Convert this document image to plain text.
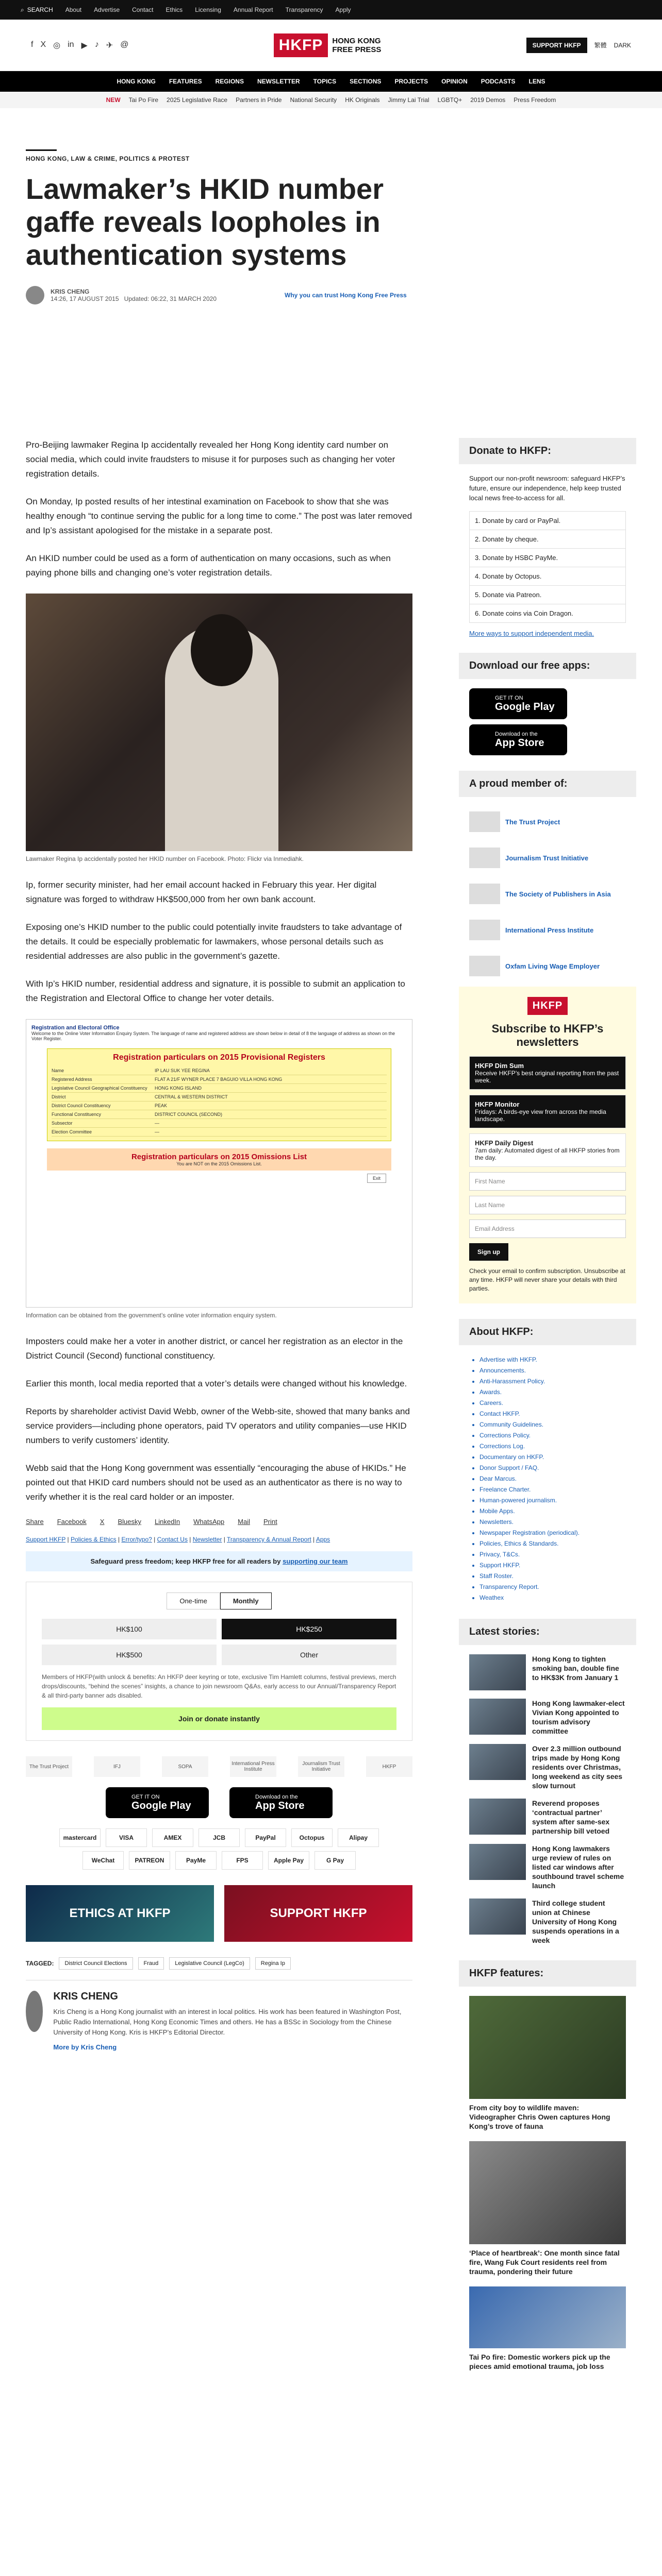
⌕ SEARCH About Advertise Contact Ethics Licensing Annual Report Transparency Apply
f X ◎ in ▶ ♪ ✈ @	HKFP	HONG KONG
FREE PRESS	SUPPORT HKFP	繁體 DARK
HONG KONG FEATURES REGIONS NEWSLETTER TOPICS SECTIONS PROJECTS OPINION PODCASTS LENS
NEW Tai Po Fire 2025 Legislative Race Partners in Pride National Security HK Originals Jimmy Lai Trial LGBTQ+ 2019 Demos Press Freedom
HONG KONG, LAW & CRIME, POLITICS & PROTEST
Lawmaker’s HKID number gaffe reveals loopholes in authentication systems
KRIS CHENG
14:26, 17 AUGUST 2015 Updated: 06:22, 31 MARCH 2020	Why you can trust Hong Kong Free Press

Pro-Beijing lawmaker Regina Ip accidentally revealed her Hong Kong identity card number on social media, which could invite fraudsters to misuse it for purposes such as changing her voter registration details.

On Monday, Ip posted results of her intestinal examination on Facebook to show that she was healthy enough “to continue serving the public for a long time to come.” The post was later removed and Ip’s assistant apologised for the mistake in a separate post.

An HKID number could be used as a form of authentication on many occasions, such as when paying phone bills and changing one’s voter registration details.

Lawmaker Regina Ip accidentally posted her HKID number on Facebook. Photo: Flickr via Inmediahk.

Ip, former security minister, had her email account hacked in February this year. Her digital signature was forged to withdraw HK$500,000 from her own bank account.

Exposing one’s HKID number to the public could potentially invite fraudsters to take advantage of the details. It could be especially problematic for lawmakers, whose personal details such as residential addresses are also public in the government’s gazette.

With Ip’s HKID number, residential address and signature, it is possible to submit an application to the Registration and Electoral Office to change her voter details.

Registration and Electoral Office
Welcome to the Online Voter Information Enquiry System. The language of name and registered address are shown below in detail of 8 the language of address as shown on the Voter Register.
Registration particulars on 2015 Provisional Registers
Name	IP LAU SUK YEE REGINA
Registered Address	FLAT A 21/F WYNER PLACE 7 BAGUIO VILLA HONG KONG
Legislative Council Geographical Constituency	HONG KONG ISLAND
District	CENTRAL & WESTERN DISTRICT
District Council Constituency	PEAK
Functional Constituency	DISTRICT COUNCIL (SECOND)
Subsector	—
Election Committee	—
Registration particulars on 2015 Omissions List
You are NOT on the 2015 Omissions List.
Exit
Information can be obtained from the government’s online voter information enquiry system.

Imposters could make her a voter in another district, or cancel her registration as an elector in the District Council (Second) functional constituency.

Earlier this month, local media reported that a voter’s details were changed without his knowledge.

Reports by shareholder activist David Webb, owner of the Webb-site, showed that many banks and service providers—including phone operators, paid TV operators and utility companies—use HKID numbers to verify customers’ identity.

Webb said that the Hong Kong government was essentially “encouraging the abuse of HKIDs.” He pointed out that HKID card numbers should not be used as an authenticator as there is no way to verify whether it is the real card holder or an imposter.

Share Facebook X Bluesky LinkedIn WhatsApp Mail Print
Support HKFP | Policies & Ethics | Error/typo? | Contact Us | Newsletter | Transparency & Annual Report | Apps
Safeguard press freedom; keep HKFP free for all readers by supporting our team
One-time	Monthly
HK$100	HK$250
HK$500	Other
Members of HKFP(with unlock & benefits: An HKFP deer keyring or tote, exclusive Tim Hamlett columns, festival previews, merch drops/discounts, “behind the scenes” insights, a chance to join newsroom Q&As, early access to our Annual/Transparency Report & all third-party banner ads disabled.
Join or donate instantly
The Trust Project	IFJ	SOPA	International Press Institute
Journalism Trust Initiative	HKFP
GET IT ON
Google Play
Download on the
App Store
mastercard	VISA	AMEX	JCB	PayPal	Octopus	Alipay
WeChat	PATREON	PayMe	FPS	Apple Pay	G Pay
ETHICS AT HKFP	SUPPORT HKFP
TAGGED:	District Council Elections	Fraud	Legislative Council (LegCo)	Regina Ip
KRIS CHENG

Kris Cheng is a Hong Kong journalist with an interest in local politics. His work has been featured in Washington Post, Public Radio International, Hong Kong Economic Times and others. He has a BSSc in Sociology from the Chinese University of Hong Kong. Kris is HKFP’s Editorial Director.

More by Kris Cheng
Donate to HKFP:
Support our non-profit newsroom: safeguard HKFP’s future, ensure our independence, help keep trusted local news free-to-access for all.
1. Donate by card or PayPal.
2. Donate by cheque.
3. Donate by HSBC PayMe.
4. Donate by Octopus.
5. Donate via Patreon.
6. Donate coins via Coin Dragon.
More ways to support independent media.
Download our free apps:
GET IT ON
Google Play
Download on the
App Store
A proud member of:
The Trust Project
Journalism Trust Initiative
The Society of Publishers in Asia
International Press Institute
Oxfam Living Wage Employer
HKFP
Subscribe to HKFP’s newsletters
HKFP Dim Sum
Receive HKFP’s best original reporting from the past week.
HKFP Monitor
Fridays: A birds-eye view from across the media landscape.
HKFP Daily Digest
7am daily: Automated digest of all HKFP stories from the day.
First Name
Last Name
Email Address
Sign up
Check your email to confirm subscription. Unsubscribe at any time. HKFP will never share your details with third parties.
About HKFP:
• Advertise with HKFP.
• Announcements.
• Anti-Harassment Policy.
• Awards.
• Careers.
• Contact HKFP.
• Community Guidelines.
• Corrections Policy.
• Corrections Log.
• Documentary on HKFP.
• Donor Support / FAQ.
• Dear Marcus.
• Freelance Charter.
• Human-powered journalism.
• Mobile Apps.
• Newsletters.
• Newspaper Registration (periodical).
• Policies, Ethics & Standards.
• Privacy, T&Cs.
• Support HKFP.
• Staff Roster.
• Transparency Report.
• Weathex
Latest stories:
Hong Kong to tighten smoking ban, double fine to HK$3K from January 1
Hong Kong lawmaker-elect Vivian Kong appointed to tourism advisory committee
Over 2.3 million outbound trips made by Hong Kong residents over Christmas, long weekend as city sees slow turnout
Reverend proposes ‘contractual partner’ system after same-sex partnership bill vetoed
Hong Kong lawmakers urge review of rules on listed car windows after southbound travel scheme launch
Third college student union at Chinese University of Hong Kong suspends operations in a week
HKFP features:
From city boy to wildlife maven: Videographer Chris Owen captures Hong Kong’s trove of fauna
‘Place of heartbreak’: One month since fatal fire, Wang Fuk Court residents reel from trauma, pondering their future
Tai Po fire: Domestic workers pick up the pieces amid emotional trauma, job loss
